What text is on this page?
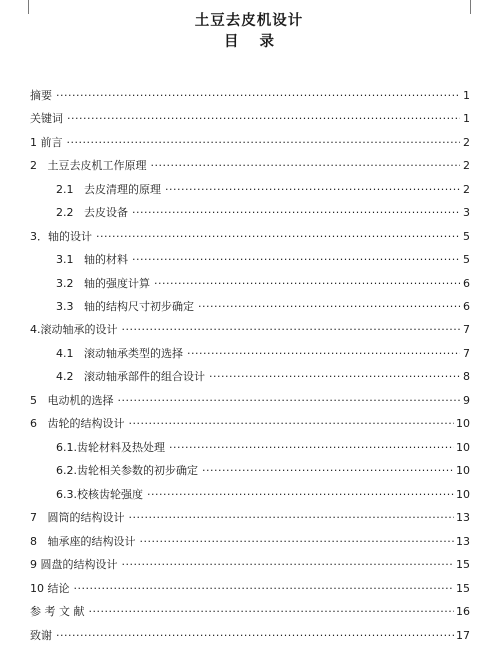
土豆去皮机设计
目 录
摘要 ·····	1
关键词 ·····	1
1 前言 ·····	2
2   土豆去皮机工作原理 ·····	2
2.1   去皮清理的原理 ·····	2
2.2   去皮设备 ·····	3
3．轴的设计 ·····	5
3.1   轴的材料 ·····	5
3.2   轴的强度计算 ·····	6
3.3   轴的结构尺寸初步确定 ·····	6
4.滚动轴承的设计 ·····	7
4.1   滚动轴承类型的选择 ·····	7
4.2   滚动轴承部件的组合设计 ·····	8
5   电动机的选择 ·····	9
6   齿轮的结构设计 ·····	10
6.1.齿轮材料及热处理 ·····	10
6.2.齿轮相关参数的初步确定 ·····	10
6.3.校核齿轮强度 ·····	10
7   圆筒的结构设计 ·····	13
8   轴承座的结构设计 ·····	13
9 圆盘的结构设计 ·····	15
10 结论 ·····	15
参 考 文 献 ·····	16
致谢 ·····	17
